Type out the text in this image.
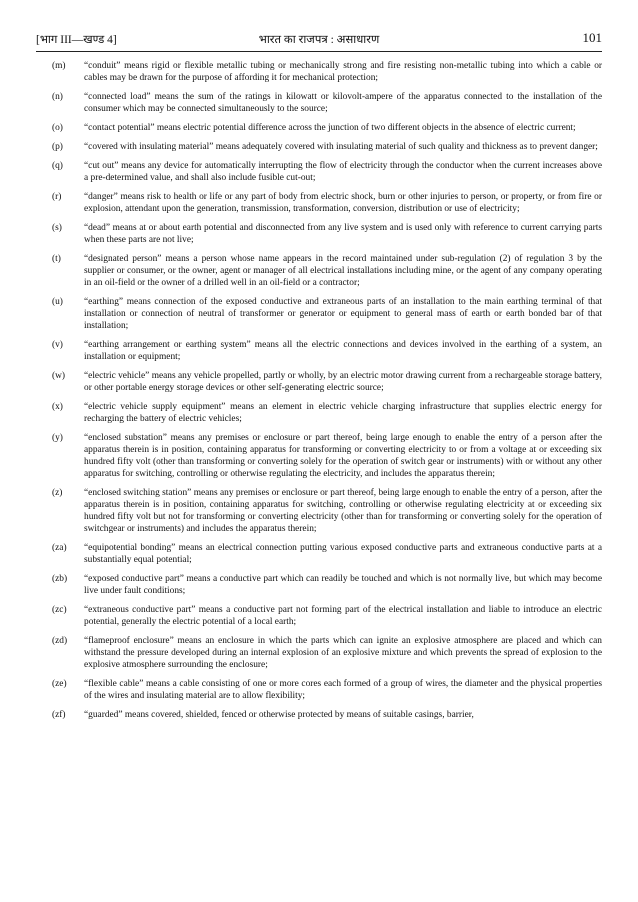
[भाग III—खण्ड 4]	भारत का राजपत्र : असाधारण	101
(m)	“conduit” means rigid or flexible metallic tubing or mechanically strong and fire resisting non-metallic tubing into which a cable or cables may be drawn for the purpose of affording it for mechanical protection;
(n)	“connected load” means the sum of the ratings in kilowatt or kilovolt-ampere of the apparatus connected to the installation of the consumer which may be connected simultaneously to the source;
(o)	“contact potential” means electric potential difference across the junction of two different objects in the absence of electric current;
(p)	“covered with insulating material” means adequately covered with insulating material of such quality and thickness as to prevent danger;
(q)	“cut out” means any device for automatically interrupting the flow of electricity through the conductor when the current increases above a pre-determined value, and shall also include fusible cut-out;
(r)	“danger” means risk to health or life or any part of body from electric shock, burn or other injuries to person, or property, or from fire or explosion, attendant upon the generation, transmission, transformation, conversion, distribution or use of electricity;
(s)	“dead” means at or about earth potential and disconnected from any live system and is used only with reference to current carrying parts when these parts are not live;
(t)	“designated person” means a person whose name appears in the record maintained under sub-regulation (2) of regulation 3 by the supplier or consumer, or the owner, agent or manager of all electrical installations including mine, or the agent of any company operating in an oil-field or the owner of a drilled well in an oil-field or a contractor;
(u)	“earthing” means connection of the exposed conductive and extraneous parts of an installation to the main earthing terminal of that installation or connection of neutral of transformer or generator or equipment to general mass of earth or earth bonded bar of that installation;
(v)	“earthing arrangement or earthing system” means all the electric connections and devices involved in the earthing of a system, an installation or equipment;
(w)	“electric vehicle” means any vehicle propelled, partly or wholly, by an electric motor drawing current from a rechargeable storage battery, or other portable energy storage devices or other self-generating electric source;
(x)	“electric vehicle supply equipment” means an element in electric vehicle charging infrastructure that supplies electric energy for recharging the battery of electric vehicles;
(y)	“enclosed substation” means any premises or enclosure or part thereof, being large enough to enable the entry of a person after the apparatus therein is in position, containing apparatus for transforming or converting electricity to or from a voltage at or exceeding six hundred fifty volt (other than transforming or converting solely for the operation of switch gear or instruments) with or without any other apparatus for switching, controlling or otherwise regulating the electricity, and includes the apparatus therein;
(z)	“enclosed switching station” means any premises or enclosure or part thereof, being large enough to enable the entry of a person, after the apparatus therein is in position, containing apparatus for switching, controlling or otherwise regulating electricity at or exceeding six hundred fifty volt but not for transforming or converting electricity (other than for transforming or converting solely for the operation of switchgear or instruments) and includes the apparatus therein;
(za)	“equipotential bonding” means an electrical connection putting various exposed conductive parts and extraneous conductive parts at a substantially equal potential;
(zb)	“exposed conductive part” means a conductive part which can readily be touched and which is not normally live, but which may become live under fault conditions;
(zc)	“extraneous conductive part” means a conductive part not forming part of the electrical installation and liable to introduce an electric potential, generally the electric potential of a local earth;
(zd)	“flameproof enclosure” means an enclosure in which the parts which can ignite an explosive atmosphere are placed and which can withstand the pressure developed during an internal explosion of an explosive mixture and which prevents the spread of explosion to the explosive atmosphere surrounding the enclosure;
(ze)	“flexible cable” means a cable consisting of one or more cores each formed of a group of wires, the diameter and the physical properties of the wires and insulating material are to allow flexibility;
(zf)	“guarded” means covered, shielded, fenced or otherwise protected by means of suitable casings, barrier,
